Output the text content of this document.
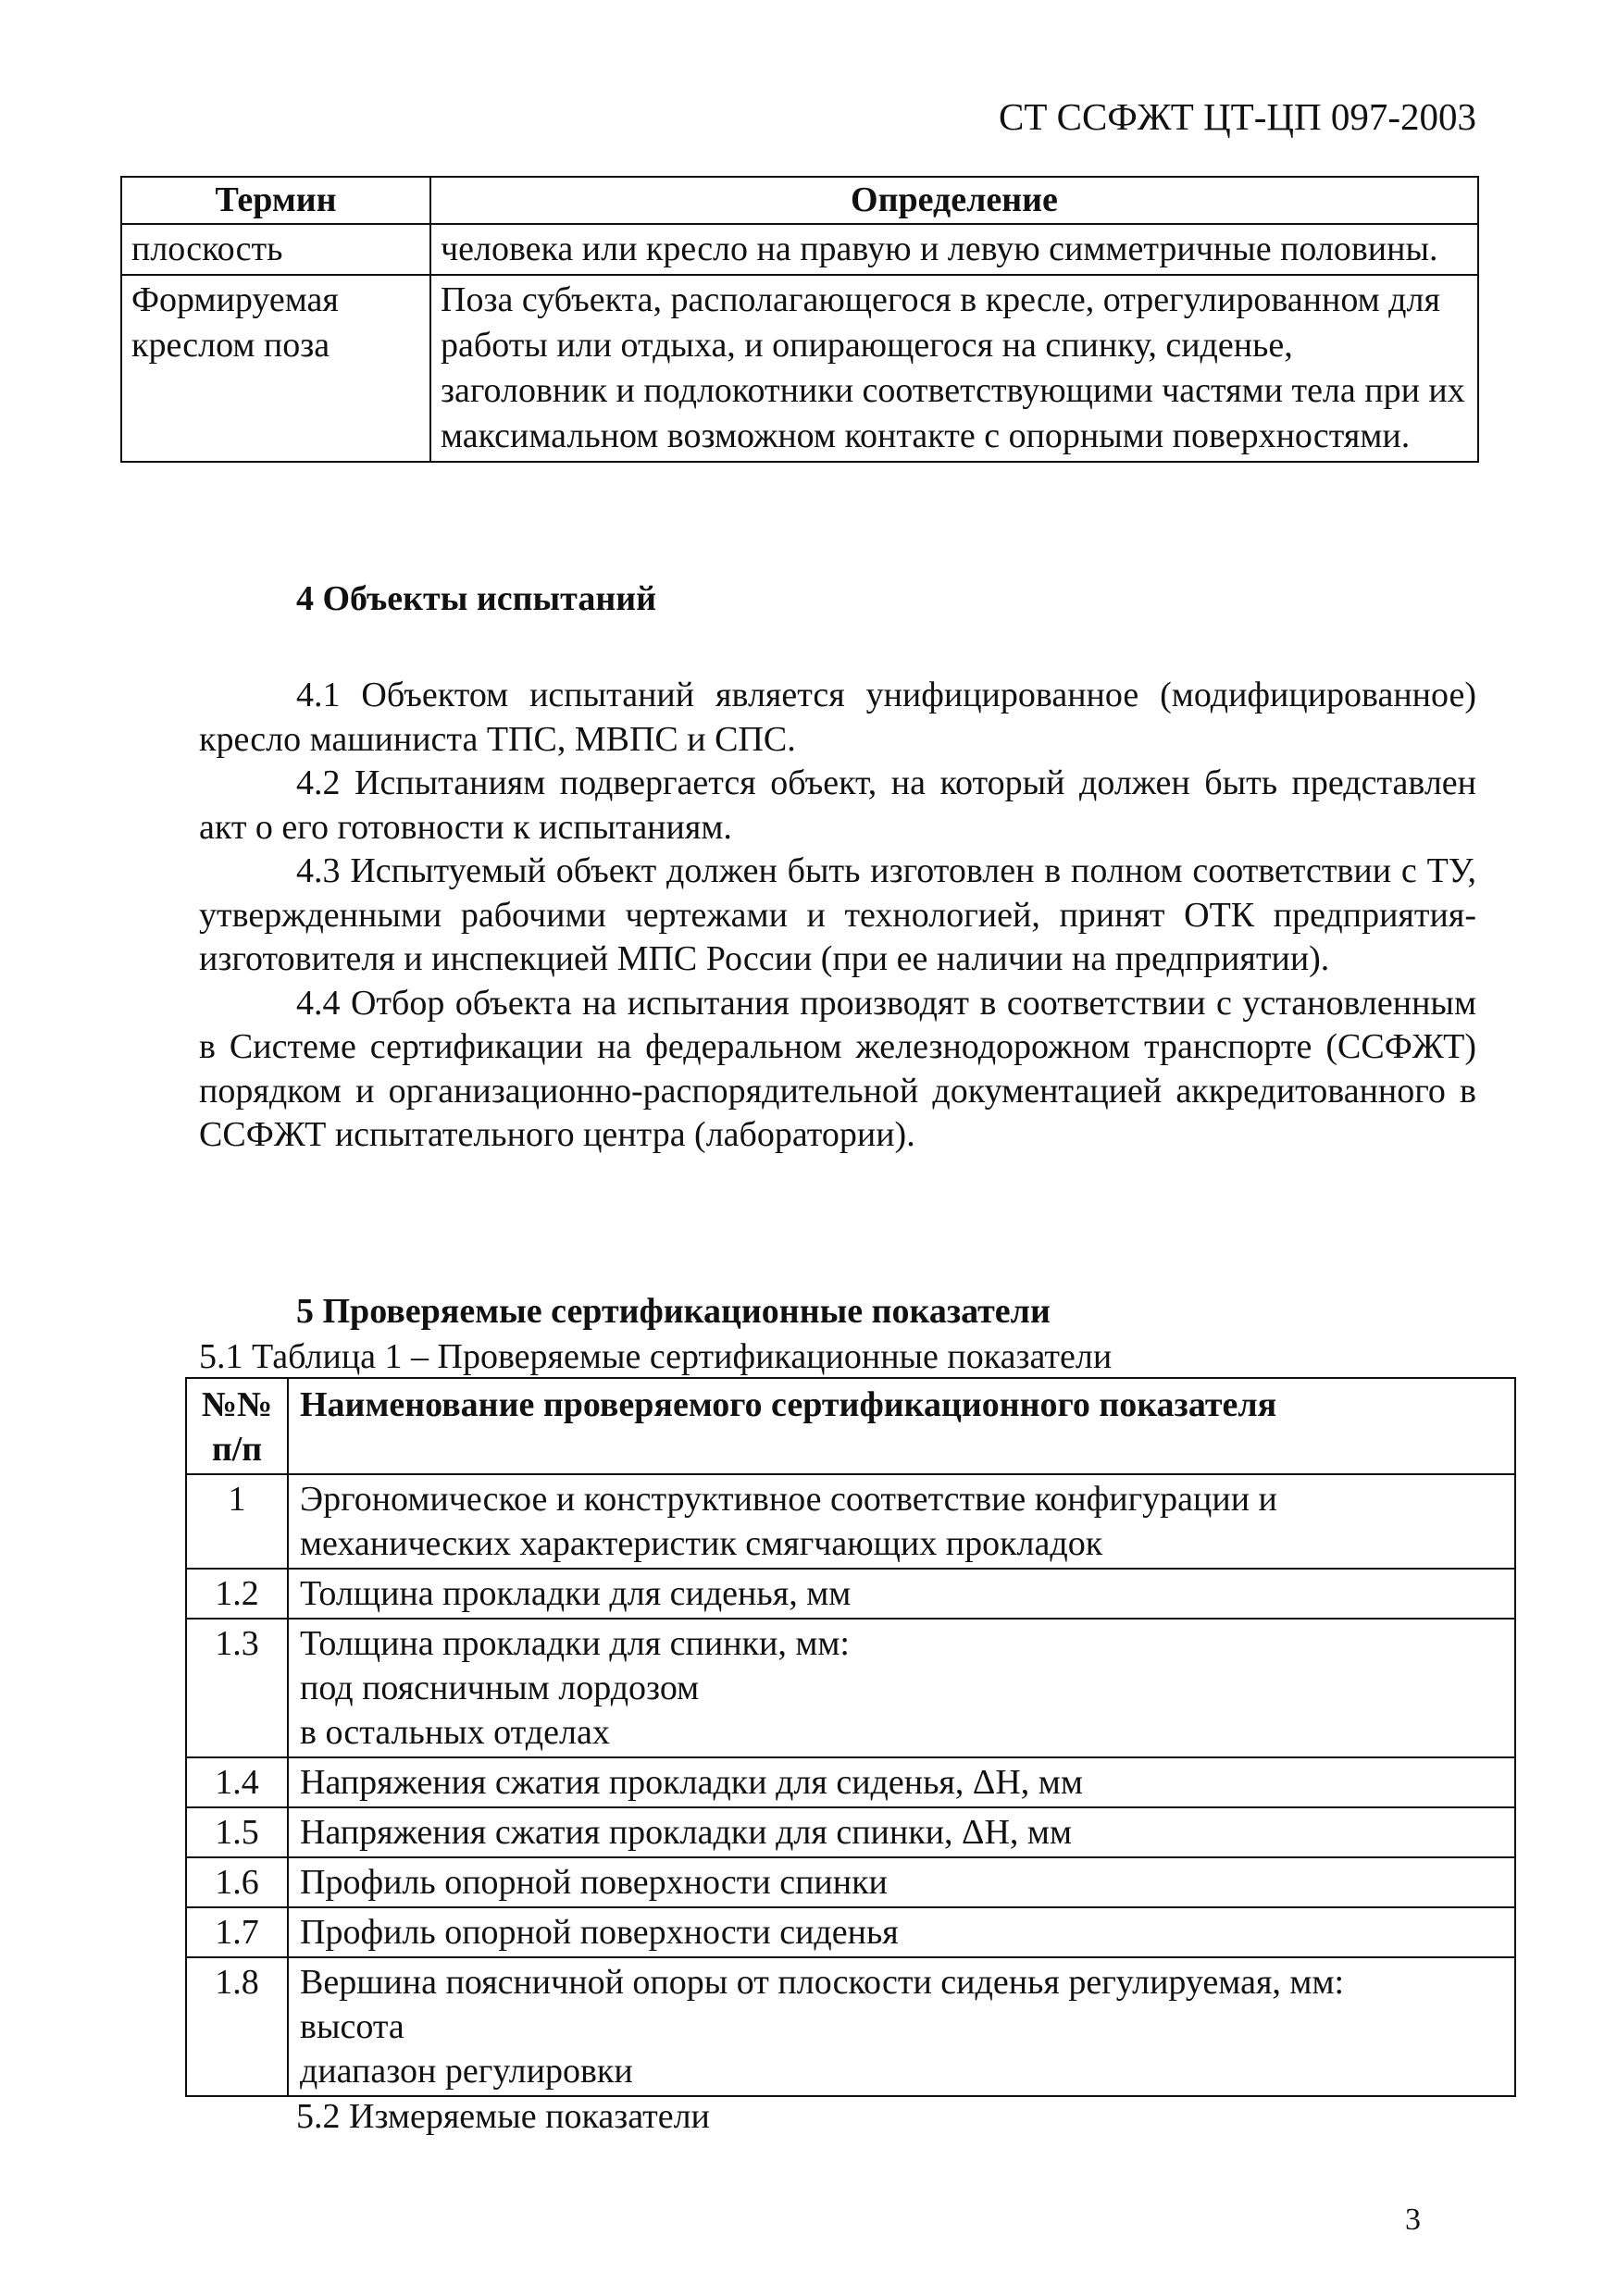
СТ ССФЖТ ЦТ-ЦП 097-2003
Термин	Определение
плоскость	человека или кресло на правую и левую симметричные половины.
Формируемая креслом поза	Поза субъекта, располагающегося в кресле, отрегулированном для работы или отдыха, и опирающегося на спинку, сиденье, заголовник и подлокотники соответствующими частями тела при их максимальном возможном контакте с опорными поверхностями.
4 Объекты испытаний

4.1 Объектом испытаний является унифицированное (модифицированное) кресло машиниста ТПС, МВПС и СПС.

4.2 Испытаниям подвергается объект, на который должен быть представлен акт о его готовности к испытаниям.

4.3 Испытуемый объект должен быть изготовлен в полном соответствии с ТУ, утвержденными рабочими чертежами и технологией, принят ОТК предприятия-изготовителя и инспекцией МПС России (при ее наличии на предприятии).

4.4 Отбор объекта на испытания производят в соответствии с установленным в Системе сертификации на федеральном железнодорожном транспорте (ССФЖТ) порядком и организационно-распорядительной документацией аккредитованного в ССФЖТ испытательного центра (лаборатории).

5 Проверяемые сертификационные показатели
5.1 Таблица 1 – Проверяемые сертификационные показатели
№№ п/п	Наименование проверяемого сертификационного показателя
1	Эргономическое и конструктивное соответствие конфигурации и
механических характеристик смягчающих прокладок

1.2	Толщина прокладки для сиденья, мм

1.3	Толщина прокладки для спинки, мм:
под поясничным лордозом
в остальных отделах

1.4	Напряжения сжатия прокладки для сиденья, ΔН, мм

1.5	Напряжения сжатия прокладки для спинки, ΔН, мм

1.6	Профиль опорной поверхности спинки

1.7	Профиль опорной поверхности сиденья

1.8	Вершина поясничной опоры от плоскости сиденья регулируемая, мм:
высота
диапазон регулировки
5.2 Измеряемые показатели
3
